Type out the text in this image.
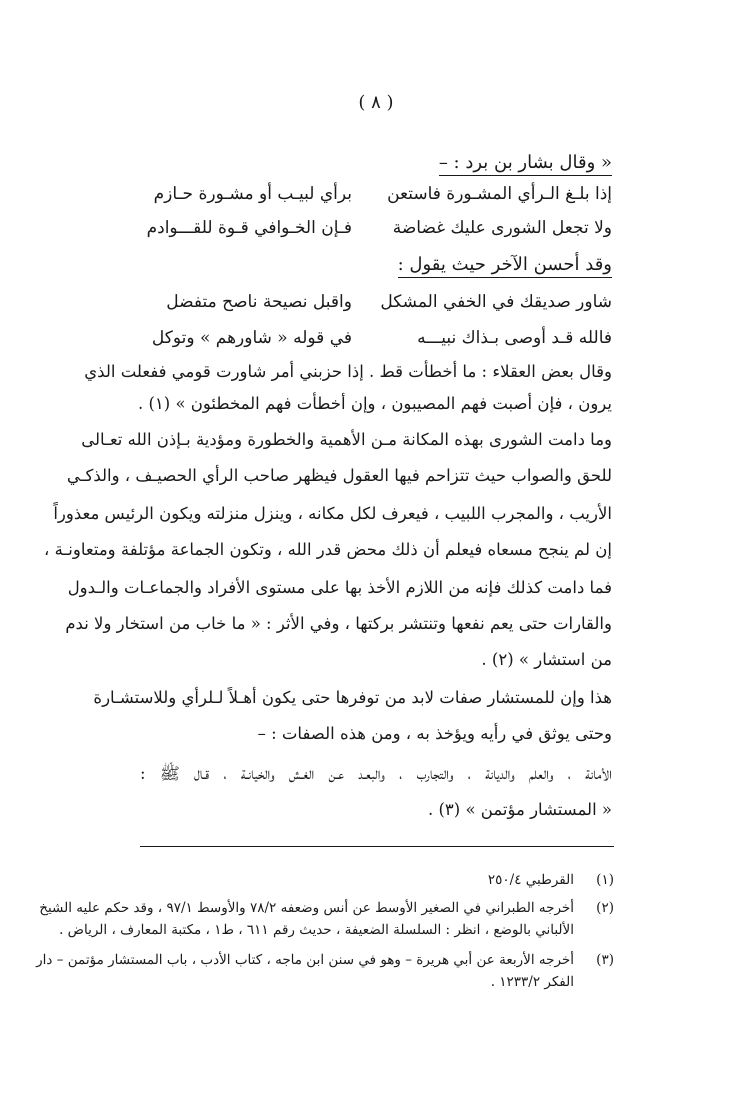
( ٨ )
« وقال بشار بن برد : –
إذا بلـغ الـرأي المشـورة فاستعن
برأي لبيـب أو مشـورة حـازم
ولا تجعل الشورى عليك غضاضة
فـإن الخـوافي قـوة للقـــوادم
وقد أحسن الآخر حيث يقول :
شاور صديقك في الخفي المشكل
واقبل نصيحة ناصح متفضل
فالله قـد أوصى بـذاك نبيـــه
في قوله « شاورهم » وتوكل
وقال بعض العقلاء : ما أخطأت قط . إذا حزبني أمر شاورت قومي ففعلت الذي
يرون ، فإن أصبت فهم المصيبون ، وإن أخطأت فهم المخطئون » (١) .
وما دامت الشورى بهذه المكانة مـن الأهمية والخطورة ومؤدية بـإذن الله تعـالى
للحق والصواب حيث تتزاحم فيها العقول فيظهر صاحب الرأي الحصيـف ، والذكـي
الأريب ، والمجرب اللبيب ، فيعرف لكل مكانه ، وينزل منزلته ويكون الرئيس معذوراً
إن لم ينجح مسعاه فيعلم أن ذلك محض قدر الله ، وتكون الجماعة مؤتلفة ومتعاونـة ،
فما دامت كذلك فإنه من اللازم الأخذ بها على مستوى الأفراد والجماعـات والـدول
والقارات حتى يعم نفعها وتنتشر بركتها ، وفي الأثر : « ما خاب من استخار ولا ندم
من استشار » (٢) .
هذا وإن للمستشار صفات لابد من توفرها حتى يكون أهـلاً لـلرأي وللاستشـارة
وحتى يوثق في رأيه ويؤخذ به ، ومن هذه الصفات : –
الأمانة ، والعلم والديانة ، والتجارب ، والبعـد عـن الغـش والخيانـة ، قـال ﷺ :
« المستشار مؤتمن » (٣) .
(١)
القرطبي ٢٥٠/٤
(٢)
أخرجه الطبراني في الصغير الأوسط عن أنس وضعفه ٧٨/٢ والأوسط ٩٧/١ ، وقد حكم عليه الشيخ
الألباني بالوضع ، انظر : السلسلة الضعيفة ، حديث رقم ٦١١ ، ط١ ، مكتبة المعارف ، الرياض .
(٣)
أخرجه الأربعة عن أبي هريرة – وهو في سنن ابن ماجه ، كتاب الأدب ، باب المستشار مؤتمن – دار
الفكر ١٢٣٣/٢ .
